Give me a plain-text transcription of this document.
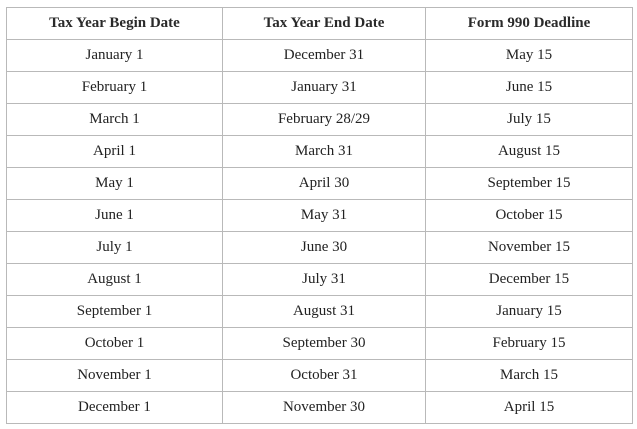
Tax Year Begin Date	Tax Year End Date	Form 990 Deadline
January 1	December 31	May 15
February 1	January 31	June 15
March 1	February 28/29	July 15
April 1	March 31	August 15
May 1	April 30	September 15
June 1	May 31	October 15
July 1	June 30	November 15
August 1	July 31	December 15
September 1	August 31	January 15
October 1	September 30	February 15
November 1	October 31	March 15
December 1	November 30	April 15
